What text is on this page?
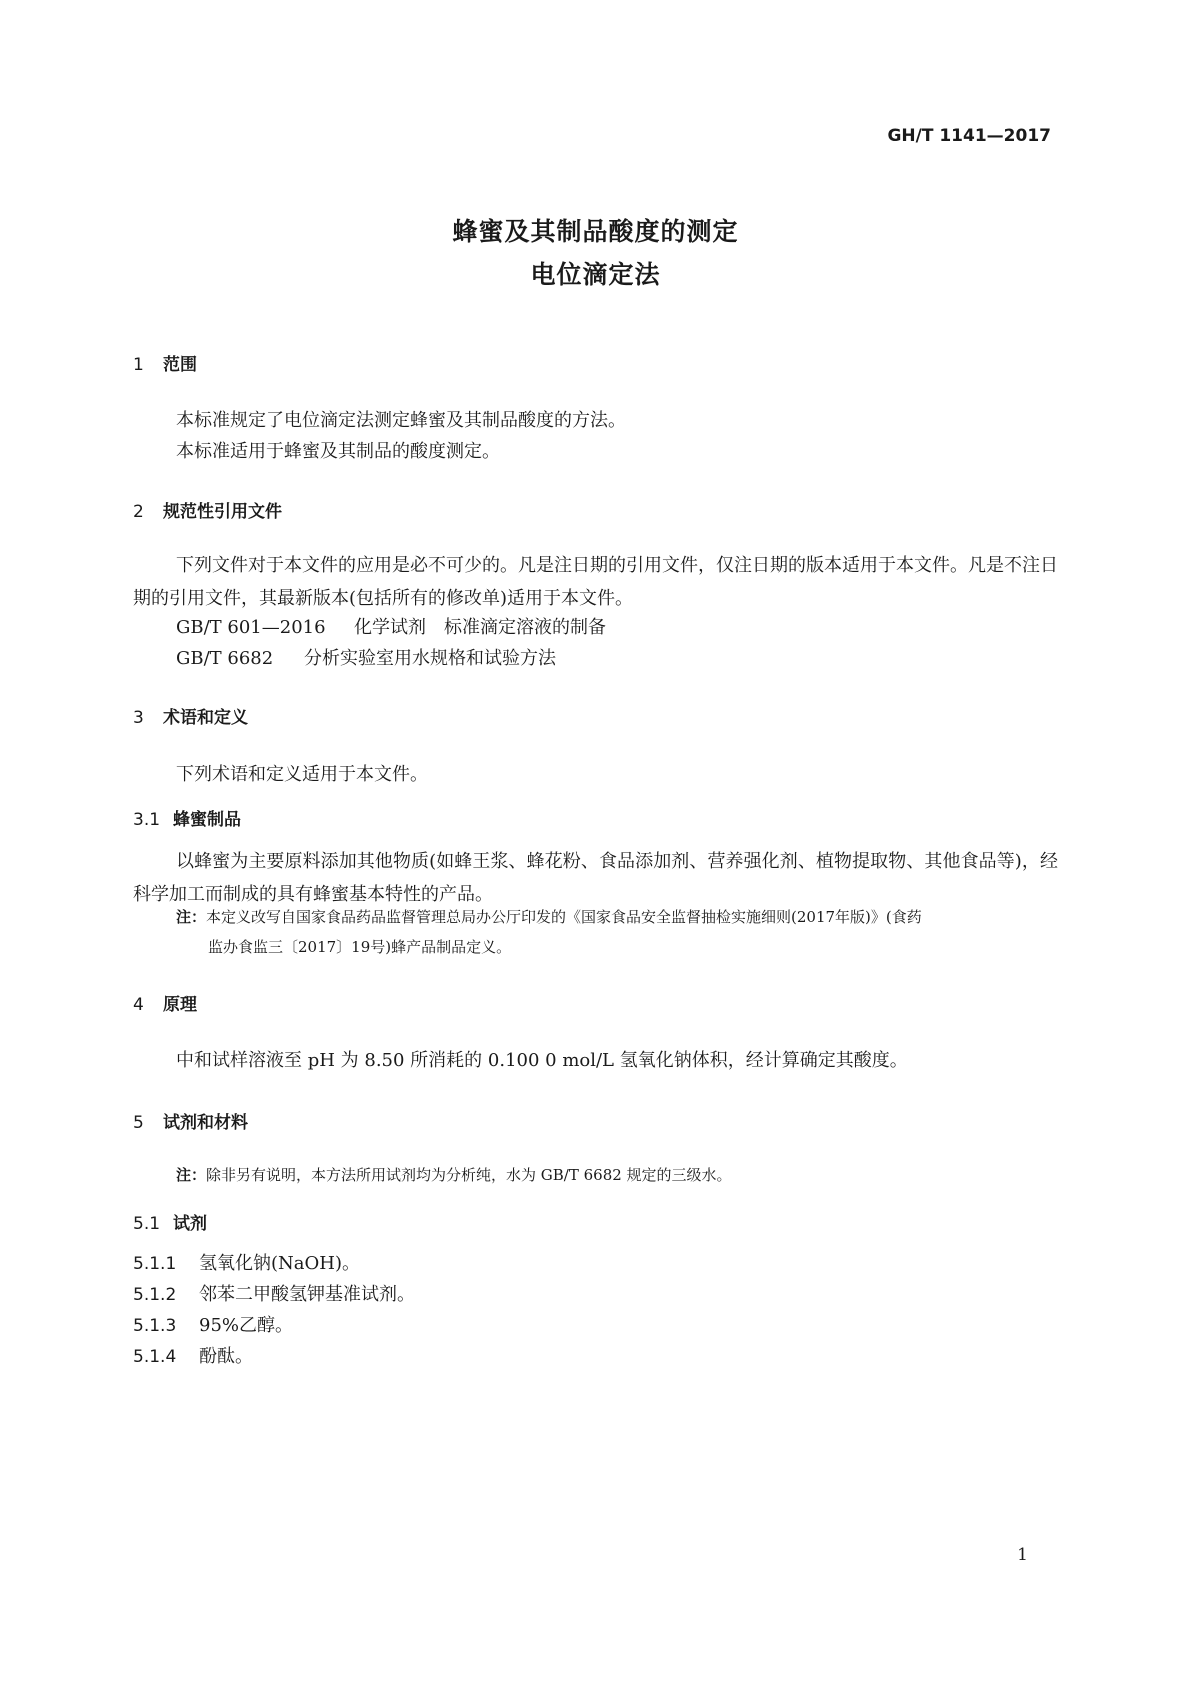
GH/T 1141—2017
蜂蜜及其制品酸度的测定
电位滴定法
1 范围
本标准规定了电位滴定法测定蜂蜜及其制品酸度的方法。
本标准适用于蜂蜜及其制品的酸度测定。
2 规范性引用文件
下列文件对于本文件的应用是必不可少的。凡是注日期的引用文件，仅注日期的版本适用于本文件。凡是不注日期的引用文件，其最新版本(包括所有的修改单)适用于本文件。
GB/T 601—2016 化学试剂　标准滴定溶液的制备
GB/T 6682 分析实验室用水规格和试验方法
3 术语和定义
下列术语和定义适用于本文件。
3.1 蜂蜜制品
以蜂蜜为主要原料添加其他物质(如蜂王浆、蜂花粉、食品添加剂、营养强化剂、植物提取物、其他食品等)，经科学加工而制成的具有蜂蜜基本特性的产品。
注：本定义改写自国家食品药品监督管理总局办公厅印发的《国家食品安全监督抽检实施细则(2017年版)》(食药
监办食监三〔2017〕19号)蜂产品制品定义。
4 原理
中和试样溶液至 pH 为 8.50 所消耗的 0.100 0 mol/L 氢氧化钠体积，经计算确定其酸度。
5 试剂和材料
注：除非另有说明，本方法所用试剂均为分析纯，水为 GB/T 6682 规定的三级水。
5.1 试剂
5.1.1 氢氧化钠(NaOH)。
5.1.2 邻苯二甲酸氢钾基准试剂。
5.1.3 95%乙醇。
5.1.4 酚酞。
1
